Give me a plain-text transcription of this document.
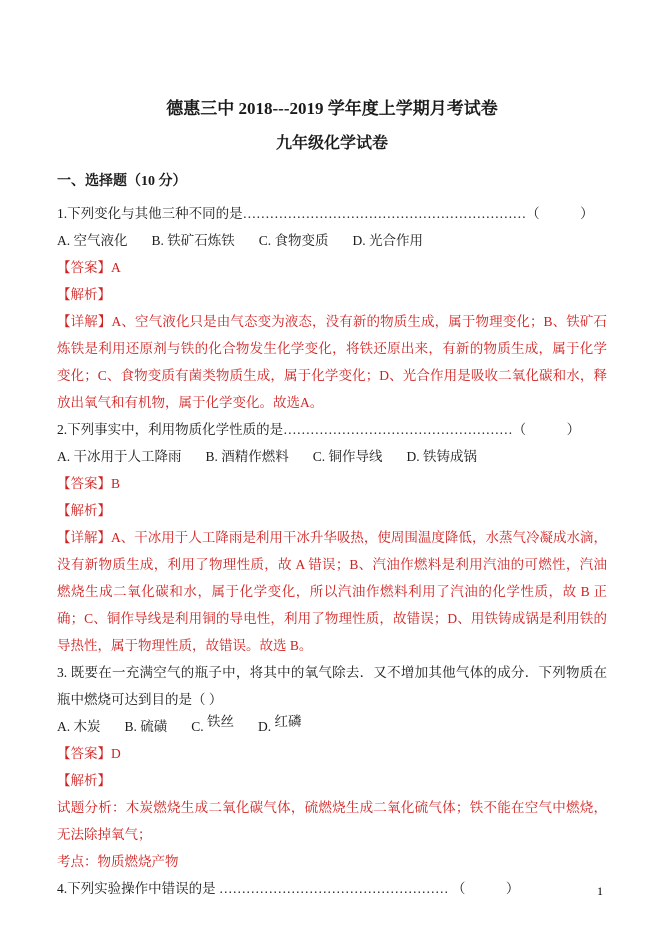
德惠三中 2018---2019 学年度上学期月考试卷
九年级化学试卷
一、选择题（10 分）

1.下列变化与其他三种不同的是………………………………………………………（　　　）

A. 空气液化 B. 铁矿石炼铁 C. 食物变质 D. 光合作用

【答案】A

【解析】

【详解】A、空气液化只是由气态变为液态，没有新的物质生成，属于物理变化；B、铁矿石炼铁是利用还原剂与铁的化合物发生化学变化，将铁还原出来，有新的物质生成，属于化学变化；C、食物变质有菌类物质生成，属于化学变化；D、光合作用是吸收二氧化碳和水，释放出氧气和有机物，属于化学变化。故选A。

2.下列事实中，利用物质化学性质的是……………………………………………（　　　）

A. 干冰用于人工降雨 B. 酒精作燃料 C. 铜作导线 D. 铁铸成锅

【答案】B

【解析】

【详解】A、干冰用于人工降雨是利用干冰升华吸热，使周围温度降低，水蒸气冷凝成水滴，没有新物质生成，利用了物理性质，故 A 错误；B、汽油作燃料是利用汽油的可燃性，汽油燃烧生成二氧化碳和水，属于化学变化，所以汽油作燃料利用了汽油的化学性质，故 B 正确；C、铜作导线是利用铜的导电性，利用了物理性质，故错误；D、用铁铸成锅是利用铁的导热性，属于物理性质，故错误。故选 B。

3. 既要在一充满空气的瓶子中，将其中的氧气除去．又不增加其他气体的成分．下列物质在瓶中燃烧可达到目的是（ ）

A. 木炭 B. 硫磺 C. 铁丝 D. 红磷

【答案】D

【解析】

试题分析：木炭燃烧生成二氧化碳气体，硫燃烧生成二氧化硫气体；铁不能在空气中燃烧，无法除掉氧气；

考点：物质燃烧产物

4.下列实验操作中错误的是 …………………………………………… （　　　）	1
